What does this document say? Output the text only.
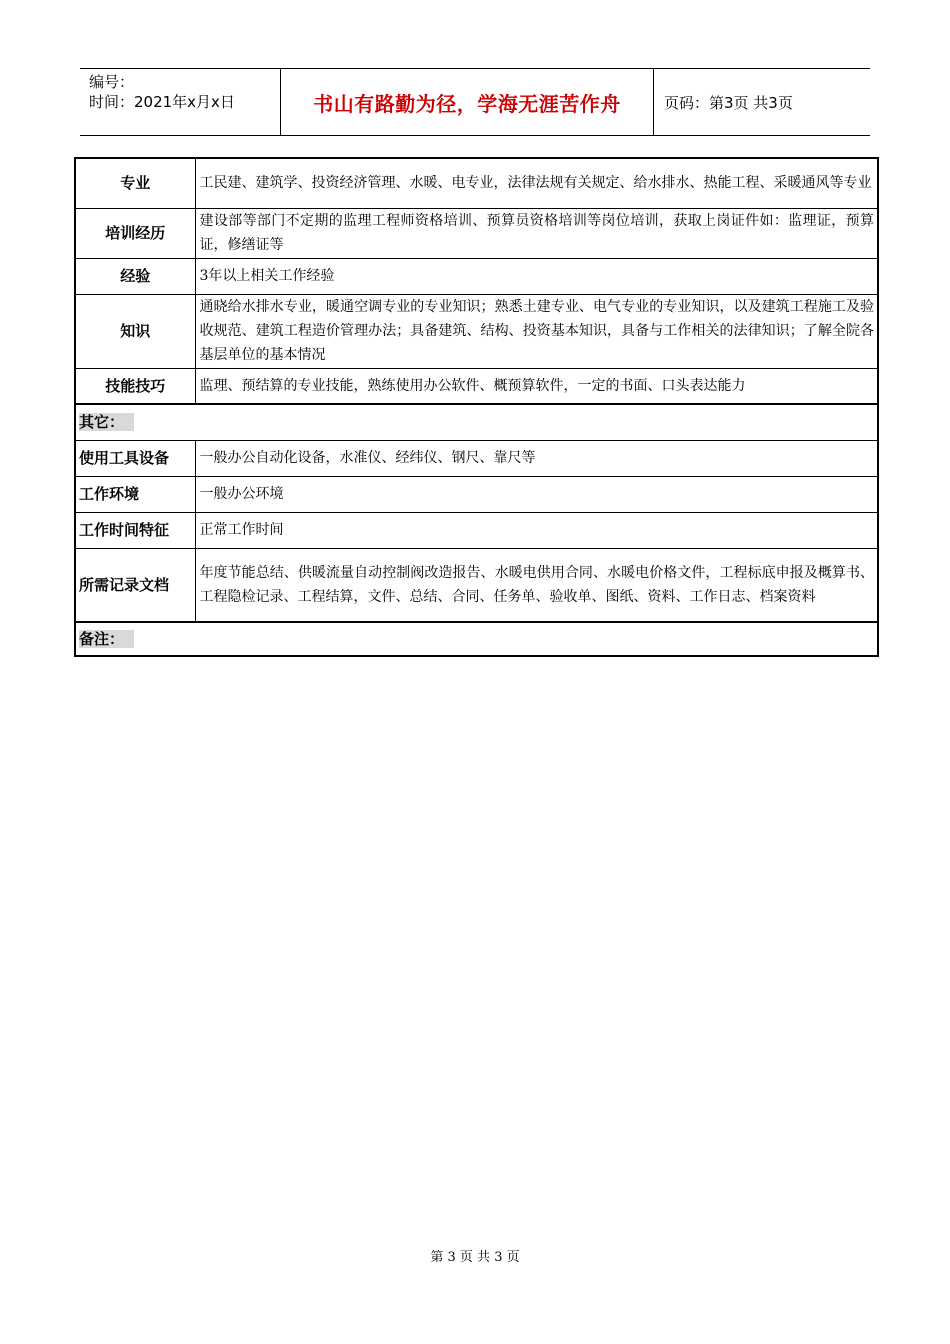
编号：
时间：2021年x月x日	书山有路勤为径，学海无涯苦作舟	页码：第3页 共3页
专业	工民建、建筑学、投资经济管理、水暖、电专业，法律法规有关规定、给水排水、热能工程、采暖通风等专业
培训经历	建设部等部门不定期的监理工程师资格培训、预算员资格培训等岗位培训，获取上岗证件如：监理证，预算证，修缮证等
经验	3年以上相关工作经验
知识	通晓给水排水专业，暖通空调专业的专业知识；熟悉土建专业、电气专业的专业知识，以及建筑工程施工及验收规范、建筑工程造价管理办法；具备建筑、结构、投资基本知识，具备与工作相关的法律知识；了解全院各基层单位的基本情况
技能技巧	监理、预结算的专业技能，熟练使用办公软件、概预算软件，一定的书面、口头表达能力
其它：	
使用工具设备	一般办公自动化设备，水准仪、经纬仪、钢尺、靠尺等
工作环境	一般办公环境
工作时间特征	正常工作时间
所需记录文档	年度节能总结、供暖流量自动控制阀改造报告、水暖电供用合同、水暖电价格文件，工程标底申报及概算书、工程隐检记录、工程结算，文件、总结、合同、任务单、验收单、图纸、资料、工作日志、档案资料
备注：	
第 3 页 共 3 页
